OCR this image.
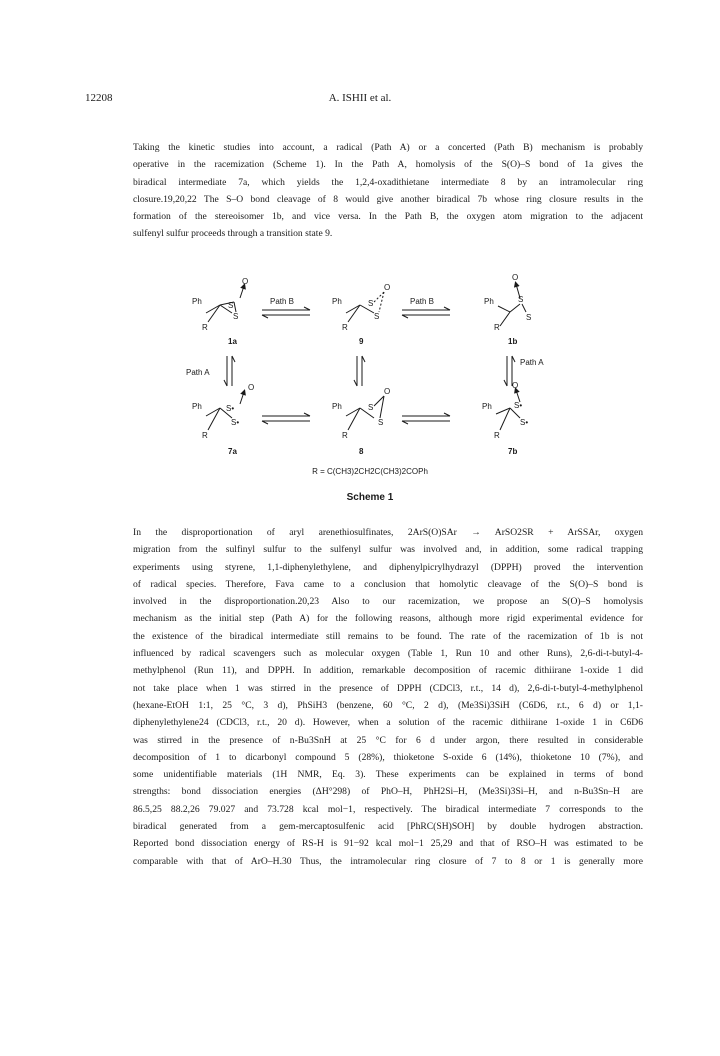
12208	A. ISHII et al.
Taking the kinetic studies into account, a radical (Path A) or a concerted (Path B) mechanism is probably
operative in the racemization (Scheme 1). In the Path A, homolysis of the S(O)–S bond of 1a gives the
biradical intermediate 7a, which yields the 1,2,4-oxadithietane intermediate 8 by an intramolecular ring
closure.19,20,22 The S–O bond cleavage of 8 would give another biradical 7b whose ring closure results in the
formation of the stereoisomer 1b, and vice versa. In the Path B, the oxygen atom migration to the adjacent
sulfenyl sulfur proceeds through a transition state 9.
Ph	S
S
O
R
1a
Ph	S
S
O
R
9
Ph	S
S
O
R
1b
Ph	S•
S•
O
R
7a
Ph	S
S
O
R
8
Ph	S•
S•
O
R
7b
Path B	Path B
Path A
Path A
R = C(CH3)2CH2C(CH3)2COPh
Scheme 1
In the disproportionation of aryl arenethiosulfinates, 2ArS(O)SAr → ArSO2SR + ArSSAr, oxygen
migration from the sulfinyl sulfur to the sulfenyl sulfur was involved and, in addition, some radical trapping
experiments using styrene, 1,1-diphenylethylene, and diphenylpicrylhydrazyl (DPPH) proved the intervention
of radical species. Therefore, Fava came to a conclusion that homolytic cleavage of the S(O)–S bond is
involved in the disproportionation.20,23 Also to our racemization, we propose an S(O)–S homolysis
mechanism as the initial step (Path A) for the following reasons, although more rigid experimental evidence for
the existence of the biradical intermediate still remains to be found. The rate of the racemization of 1b is not
influenced by radical scavengers such as molecular oxygen (Table 1, Run 10 and other Runs), 2,6-di-t-butyl-4-
methylphenol (Run 11), and DPPH. In addition, remarkable decomposition of racemic dithiirane 1-oxide 1 did
not take place when 1 was stirred in the presence of DPPH (CDCl3, r.t., 14 d), 2,6-di-t-butyl-4-methylphenol
(hexane-EtOH 1:1, 25 °C, 3 d), PhSiH3 (benzene, 60 °C, 2 d), (Me3Si)3SiH (C6D6, r.t., 6 d) or 1,1-
diphenylethylene24 (CDCl3, r.t., 20 d). However, when a solution of the racemic dithiirane 1-oxide 1 in C6D6
was stirred in the presence of n-Bu3SnH at 25 °C for 6 d under argon, there resulted in considerable
decomposition of 1 to dicarbonyl compound 5 (28%), thioketone S-oxide 6 (14%), thioketone 10 (7%), and
some unidentifiable materials (1H NMR, Eq. 3). These experiments can be explained in terms of bond
strengths: bond dissociation energies (ΔH°298) of PhO–H, PhH2Si–H, (Me3Si)3Si–H, and n-Bu3Sn–H are
86.5,25 88.2,26 79.027 and 73.728 kcal mol−1, respectively. The biradical intermediate 7 corresponds to the
biradical generated from a gem-mercaptosulfenic acid [PhRC(SH)SOH] by double hydrogen abstraction.
Reported bond dissociation energy of RS-H is 91−92 kcal mol−1 25,29 and that of RSO–H was estimated to be
comparable with that of ArO–H.30 Thus, the intramolecular ring closure of 7 to 8 or 1 is generally more
